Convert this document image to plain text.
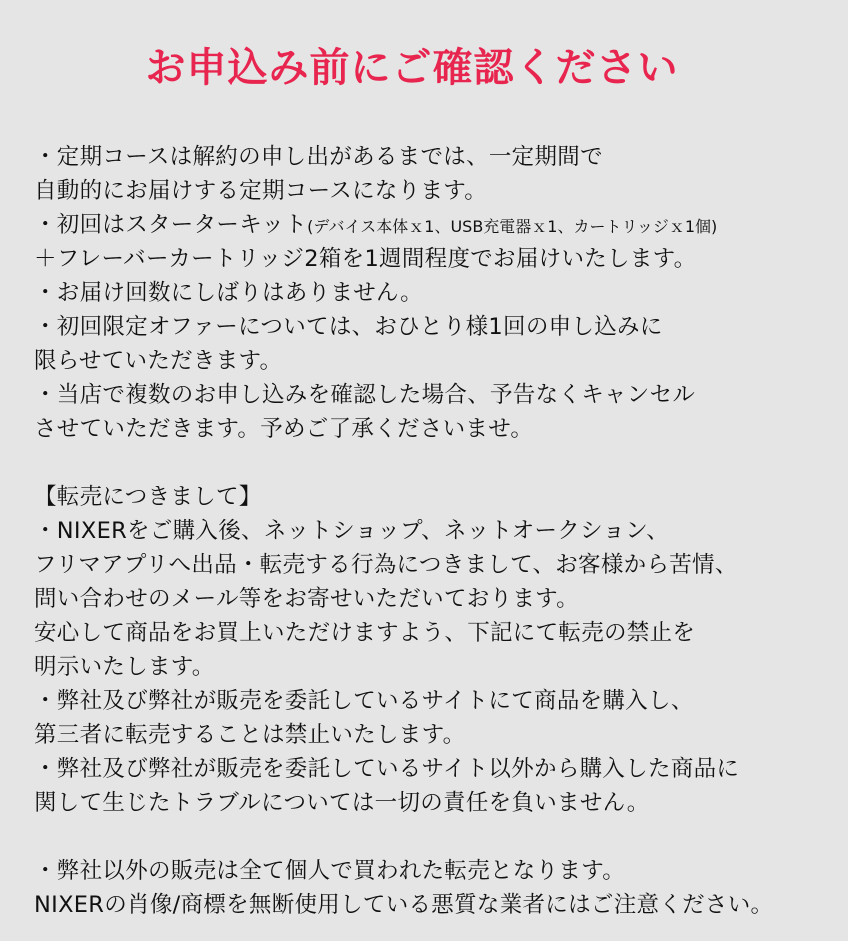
お申込み前にご確認ください
・定期コースは解約の申し出があるまでは、一定期間で
自動的にお届けする定期コースになります。
・初回はスターターキット(デバイス本体ｘ1、USB充電器ｘ1、カートリッジｘ1個)
＋フレーバーカートリッジ2箱を1週間程度でお届けいたします。
・お届け回数にしばりはありません。
・初回限定オファーについては、おひとり様1回の申し込みに
限らせていただきます。
・当店で複数のお申し込みを確認した場合、予告なくキャンセル
させていただきます。予めご了承くださいませ。
【転売につきまして】
・NIXERをご購入後、ネットショップ、ネットオークション、
フリマアプリへ出品・転売する行為につきまして、お客様から苦情、
問い合わせのメール等をお寄せいただいております。
安心して商品をお買上いただけますよう、下記にて転売の禁止を
明示いたします。
・弊社及び弊社が販売を委託しているサイトにて商品を購入し、
第三者に転売することは禁止いたします。
・弊社及び弊社が販売を委託しているサイト以外から購入した商品に
関して生じたトラブルについては一切の責任を負いません。
・弊社以外の販売は全て個人で買われた転売となります。
NIXERの肖像/商標を無断使用している悪質な業者にはご注意ください。
